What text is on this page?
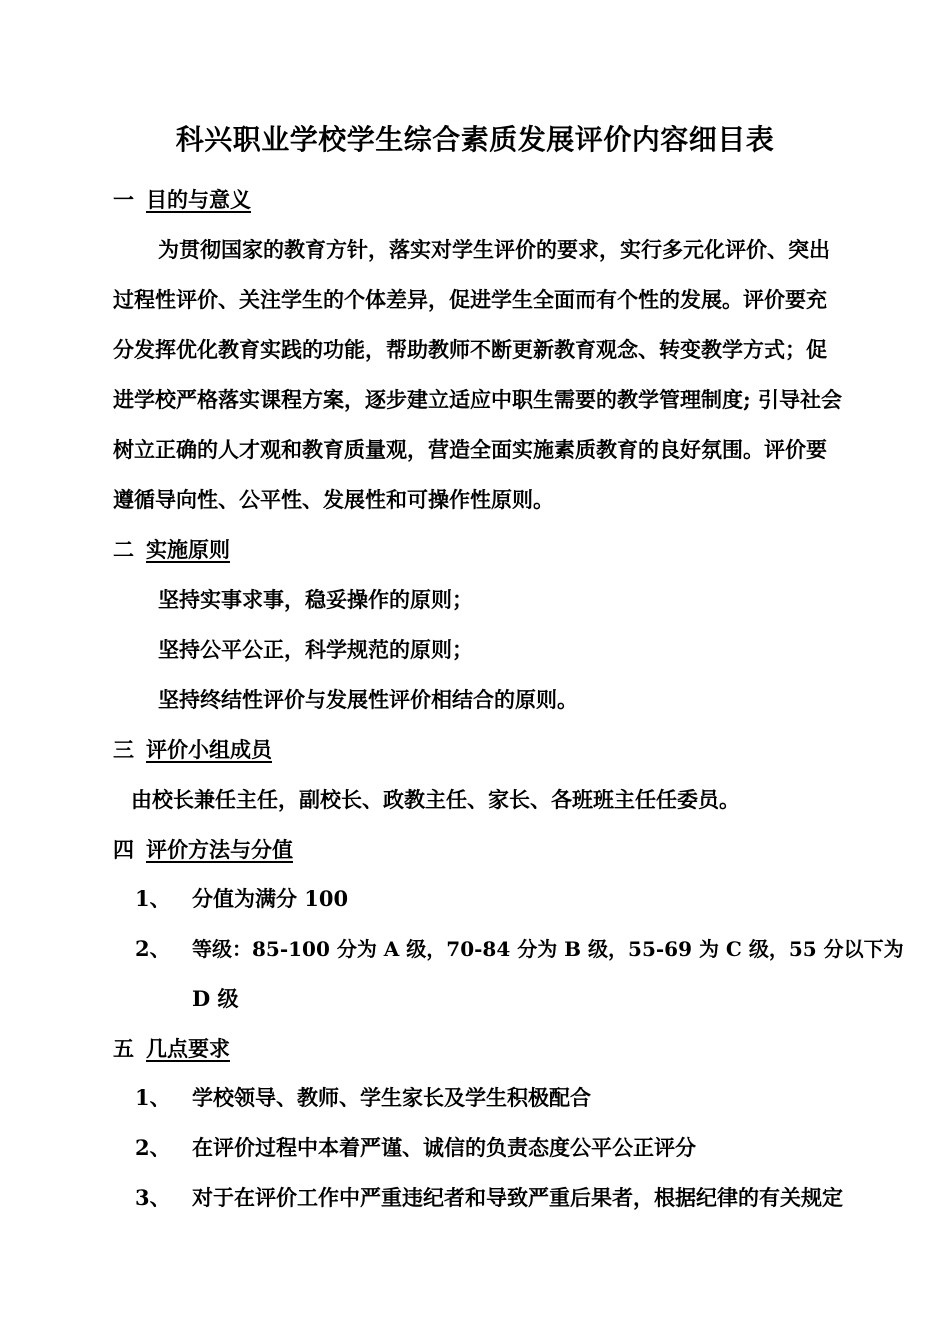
科兴职业学校学生综合素质发展评价内容细目表
一 目的与意义
为贯彻国家的教育方针，落实对学生评价的要求，实行多元化评价、突出
过程性评价、关注学生的个体差异，促进学生全面而有个性的发展。评价要充
分发挥优化教育实践的功能，帮助教师不断更新教育观念、转变教学方式；促
进学校严格落实课程方案，逐步建立适应中职生需要的教学管理制度; 引导社会
树立正确的人才观和教育质量观，营造全面实施素质教育的良好氛围。评价要
遵循导向性、公平性、发展性和可操作性原则。
二 实施原则
坚持实事求事，稳妥操作的原则；
坚持公平公正，科学规范的原则；
坚持终结性评价与发展性评价相结合的原则。
三 评价小组成员
由校长兼任主任，副校长、政教主任、家长、各班班主任任委员。
四 评价方法与分值
1、 分值为满分 100
2、 等级：85-100 分为 A 级，70-84 分为 B 级，55-69 为 C 级，55 分以下为
D 级
五 几点要求
1、 学校领导、教师、学生家长及学生积极配合
2、 在评价过程中本着严谨、诚信的负责态度公平公正评分
3、 对于在评价工作中严重违纪者和导致严重后果者，根据纪律的有关规定
